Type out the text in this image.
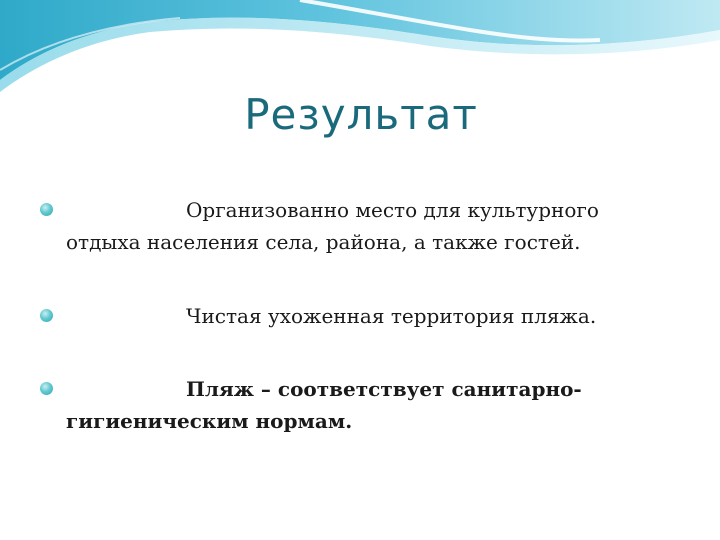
Результат
Организованно место для культурного
отдыха населения села, района, а также гостей.
Чистая ухоженная территория пляжа.
Пляж – соответствует санитарно-
гигиеническим нормам.
